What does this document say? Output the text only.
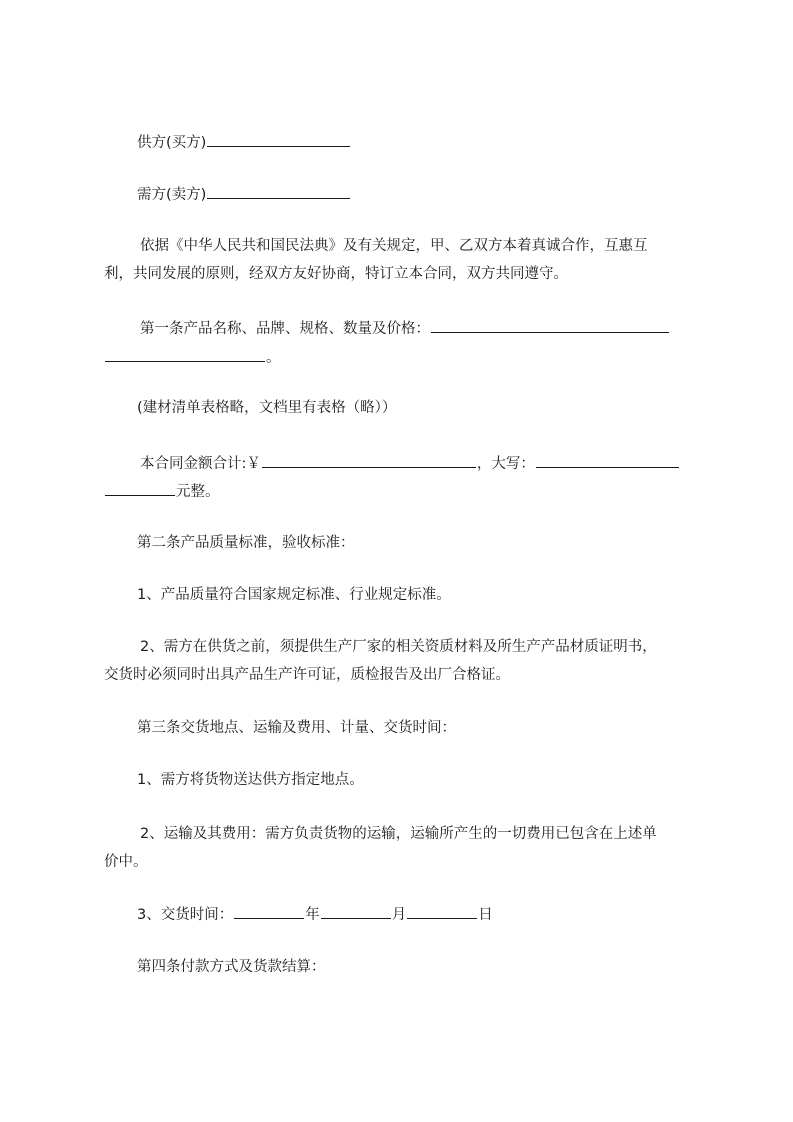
供方(买方)
需方(卖方)
依据《中华人民共和国民法典》及有关规定，甲、乙双方本着真诚合作，互惠互
利，共同发展的原则，经双方友好协商，特订立本合同，双方共同遵守。
第一条产品名称、品牌、规格、数量及价格：
。
(建材清单表格略，文档里有表格（略））
本合同金额合计:￥	，大写：
元整。
第二条产品质量标准，验收标准：
1、产品质量符合国家规定标准、行业规定标准。
2、需方在供货之前，须提供生产厂家的相关资质材料及所生产产品材质证明书，
交货时必须同时出具产品生产许可证，质检报告及出厂合格证。
第三条交货地点、运输及费用、计量、交货时间：
1、需方将货物送达供方指定地点。
2、运输及其费用：需方负责货物的运输，运输所产生的一切费用已包含在上述单
价中。
3、交货时间：	年	月	日
第四条付款方式及货款结算：
